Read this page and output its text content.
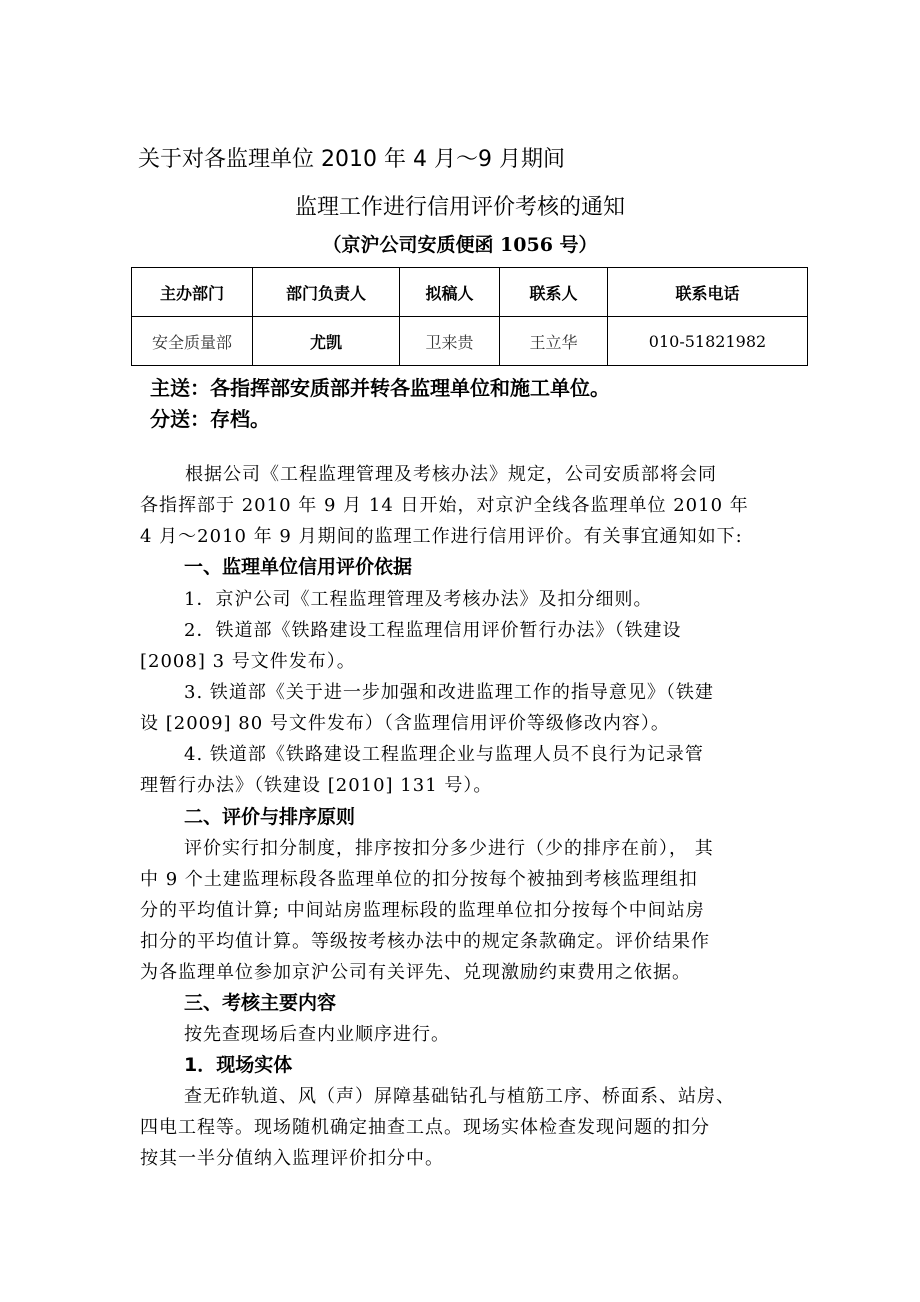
关于对各监理单位 2010 年 4 月～9 月期间
监理工作进行信用评价考核的通知
（京沪公司安质便函 1056 号）
主办部门	部门负责人	拟稿人	联系人	联系电话
安全质量部	尤凯	卫来贵	王立华	010-51821982
主送：各指挥部安质部并转各监理单位和施工单位。
分送：存档。
根据公司《工程监理管理及考核办法》规定，公司安质部将会同
各指挥部于 2010 年 9 月 14 日开始，对京沪全线各监理单位 2010 年
4 月～2010 年 9 月期间的监理工作进行信用评价。有关事宜通知如下:
一、监理单位信用评价依据
1．京沪公司《工程监理管理及考核办法》及扣分细则。
2．铁道部《铁路建设工程监理信用评价暂行办法》（铁建设
[2008] 3 号文件发布）。
3. 铁道部《关于进一步加强和改进监理工作的指导意见》（铁建
设 [2009] 80 号文件发布）（含监理信用评价等级修改内容）。
4. 铁道部《铁路建设工程监理企业与监理人员不良行为记录管
理暂行办法》（铁建设 [2010] 131 号）。
二、评价与排序原则
评价实行扣分制度，排序按扣分多少进行（少的排序在前）， 其
中 9 个土建监理标段各监理单位的扣分按每个被抽到考核监理组扣
分的平均值计算; 中间站房监理标段的监理单位扣分按每个中间站房
扣分的平均值计算。等级按考核办法中的规定条款确定。评价结果作
为各监理单位参加京沪公司有关评先、兑现激励约束费用之依据。
三、考核主要内容
按先查现场后查内业顺序进行。
1．现场实体
查无砟轨道、风（声）屏障基础钻孔与植筋工序、桥面系、站房、
四电工程等。现场随机确定抽查工点。现场实体检查发现问题的扣分
按其一半分值纳入监理评价扣分中。
